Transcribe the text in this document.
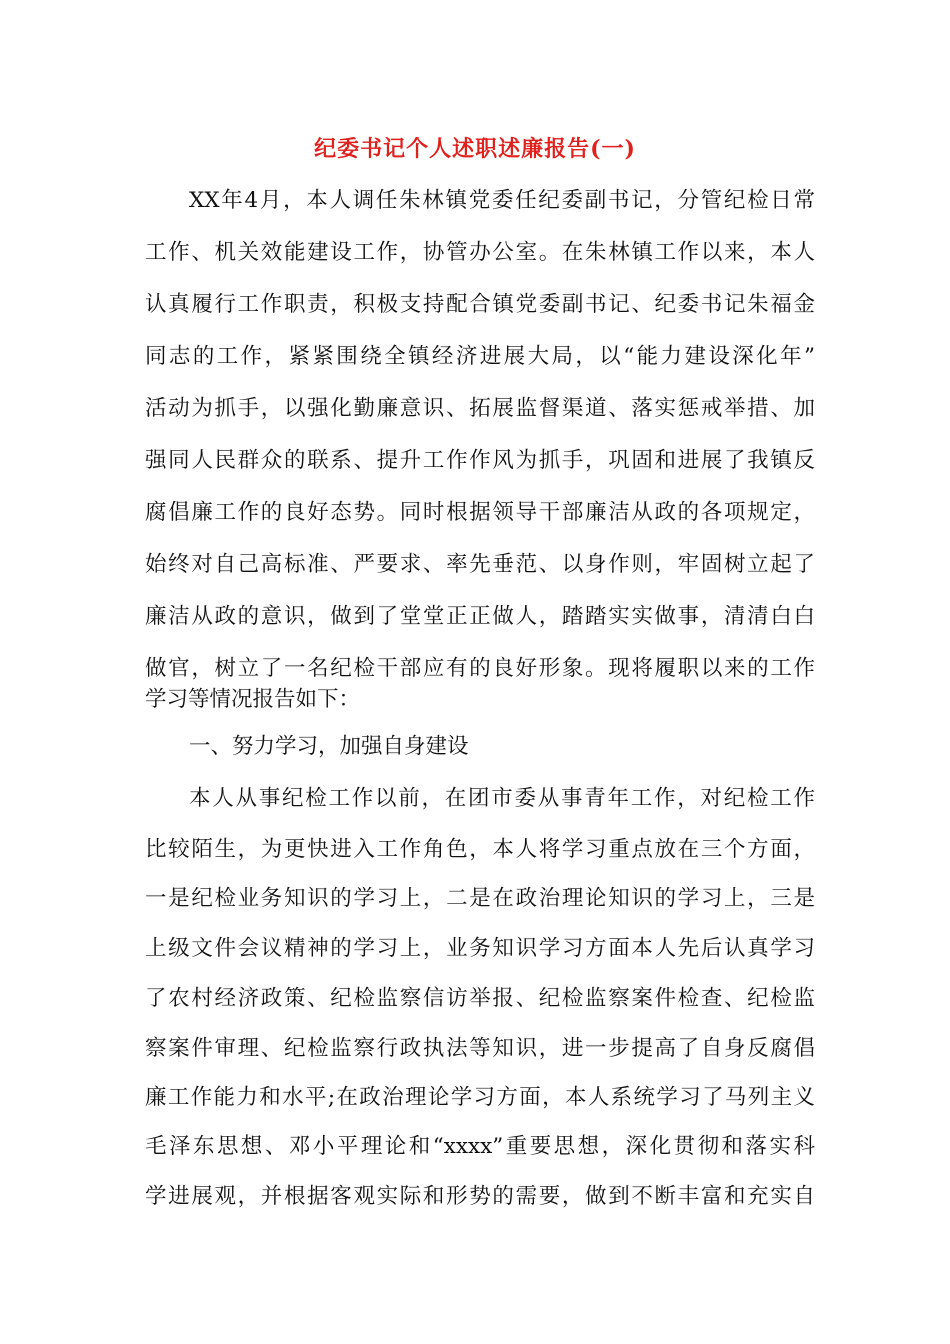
纪委书记个人述职述廉报告(一)
XX年4月，本人调任朱林镇党委任纪委副书记，分管纪检日常
工作、机关效能建设工作，协管办公室。在朱林镇工作以来，本人
认真履行工作职责，积极支持配合镇党委副书记、纪委书记朱福金
同志的工作，紧紧围绕全镇经济进展大局，以“能力建设深化年”
活动为抓手，以强化勤廉意识、拓展监督渠道、落实惩戒举措、加
强同人民群众的联系、提升工作作风为抓手，巩固和进展了我镇反
腐倡廉工作的良好态势。同时根据领导干部廉洁从政的各项规定，
始终对自己高标准、严要求、率先垂范、以身作则，牢固树立起了
廉洁从政的意识，做到了堂堂正正做人，踏踏实实做事，清清白白
做官，树立了一名纪检干部应有的良好形象。现将履职以来的工作
学习等情况报告如下：
一、努力学习，加强自身建设
本人从事纪检工作以前，在团市委从事青年工作，对纪检工作
比较陌生，为更快进入工作角色，本人将学习重点放在三个方面，
一是纪检业务知识的学习上，二是在政治理论知识的学习上，三是
上级文件会议精神的学习上，业务知识学习方面本人先后认真学习
了农村经济政策、纪检监察信访举报、纪检监察案件检查、纪检监
察案件审理、纪检监察行政执法等知识，进一步提高了自身反腐倡
廉工作能力和水平;在政治理论学习方面，本人系统学习了马列主义
毛泽东思想、邓小平理论和“xxxx”重要思想，深化贯彻和落实科
学进展观，并根据客观实际和形势的需要，做到不断丰富和充实自
